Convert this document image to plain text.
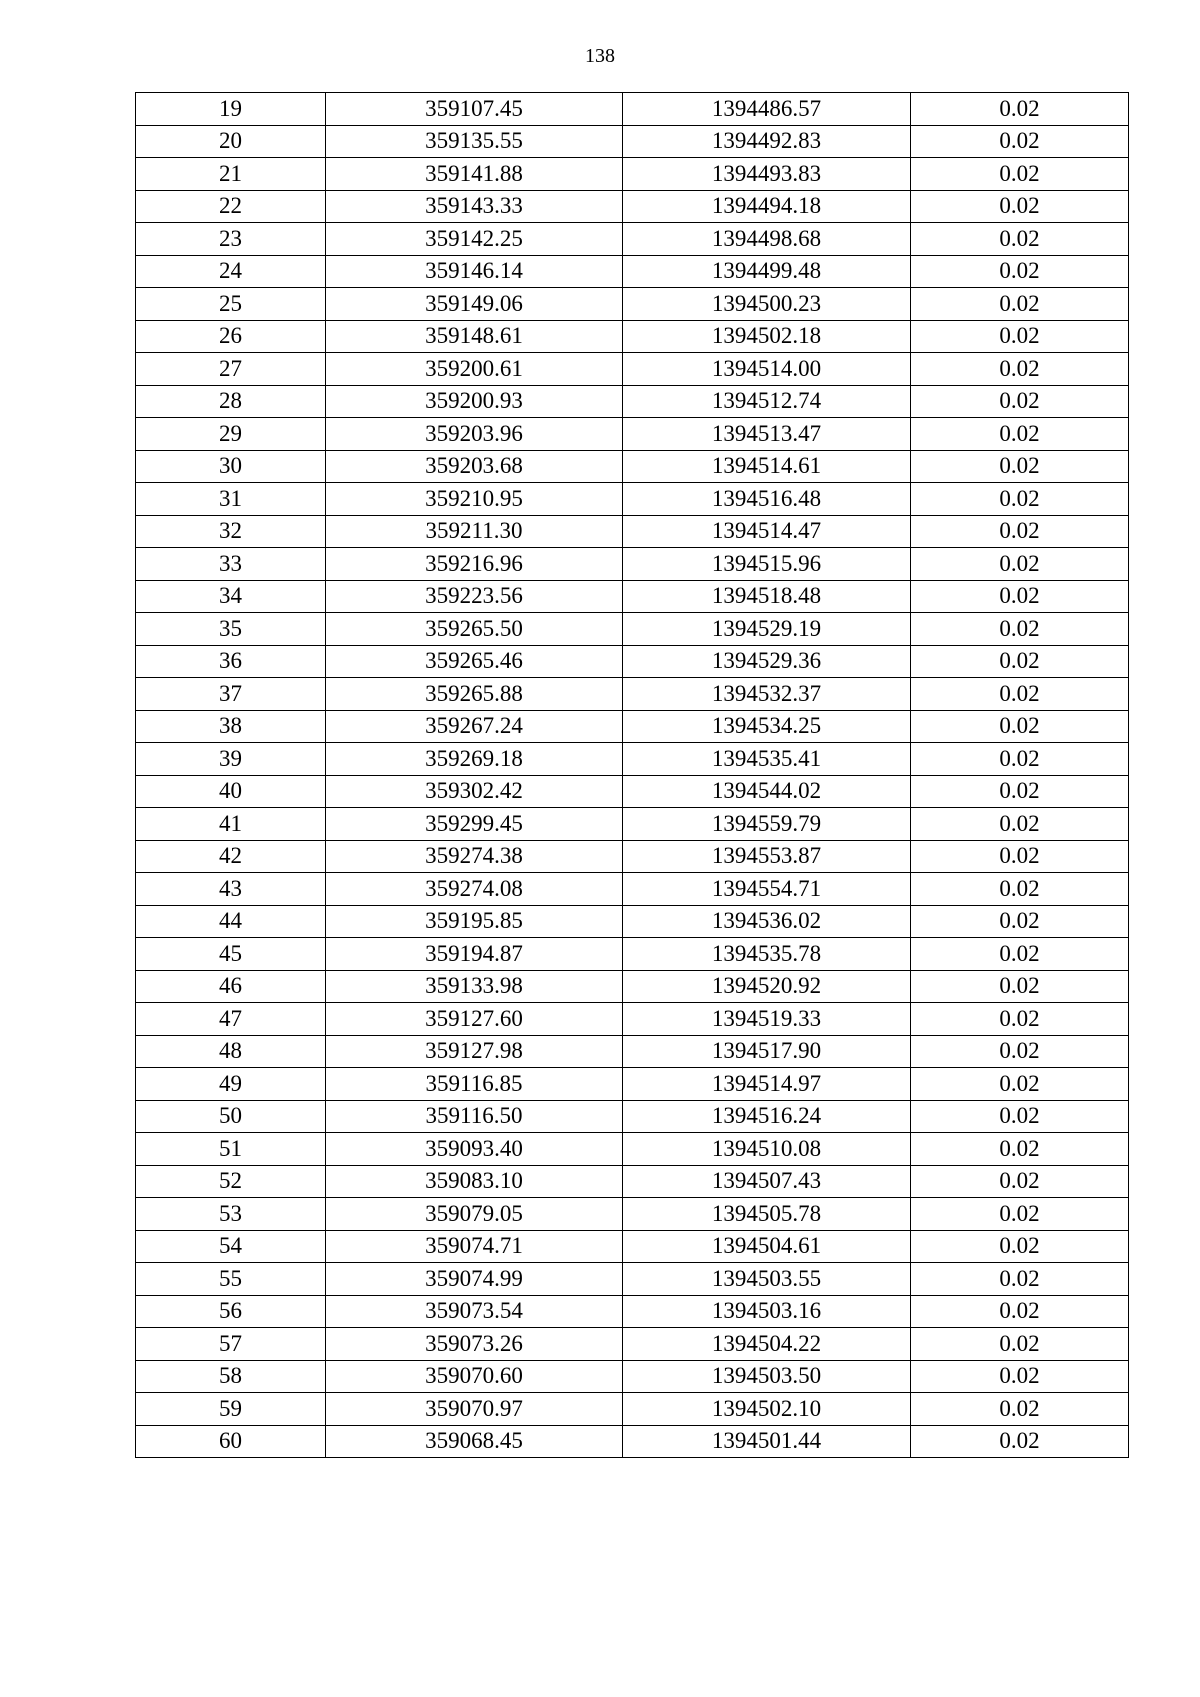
138
19	359107.45	1394486.57	0.02
20	359135.55	1394492.83	0.02
21	359141.88	1394493.83	0.02
22	359143.33	1394494.18	0.02
23	359142.25	1394498.68	0.02
24	359146.14	1394499.48	0.02
25	359149.06	1394500.23	0.02
26	359148.61	1394502.18	0.02
27	359200.61	1394514.00	0.02
28	359200.93	1394512.74	0.02
29	359203.96	1394513.47	0.02
30	359203.68	1394514.61	0.02
31	359210.95	1394516.48	0.02
32	359211.30	1394514.47	0.02
33	359216.96	1394515.96	0.02
34	359223.56	1394518.48	0.02
35	359265.50	1394529.19	0.02
36	359265.46	1394529.36	0.02
37	359265.88	1394532.37	0.02
38	359267.24	1394534.25	0.02
39	359269.18	1394535.41	0.02
40	359302.42	1394544.02	0.02
41	359299.45	1394559.79	0.02
42	359274.38	1394553.87	0.02
43	359274.08	1394554.71	0.02
44	359195.85	1394536.02	0.02
45	359194.87	1394535.78	0.02
46	359133.98	1394520.92	0.02
47	359127.60	1394519.33	0.02
48	359127.98	1394517.90	0.02
49	359116.85	1394514.97	0.02
50	359116.50	1394516.24	0.02
51	359093.40	1394510.08	0.02
52	359083.10	1394507.43	0.02
53	359079.05	1394505.78	0.02
54	359074.71	1394504.61	0.02
55	359074.99	1394503.55	0.02
56	359073.54	1394503.16	0.02
57	359073.26	1394504.22	0.02
58	359070.60	1394503.50	0.02
59	359070.97	1394502.10	0.02
60	359068.45	1394501.44	0.02
